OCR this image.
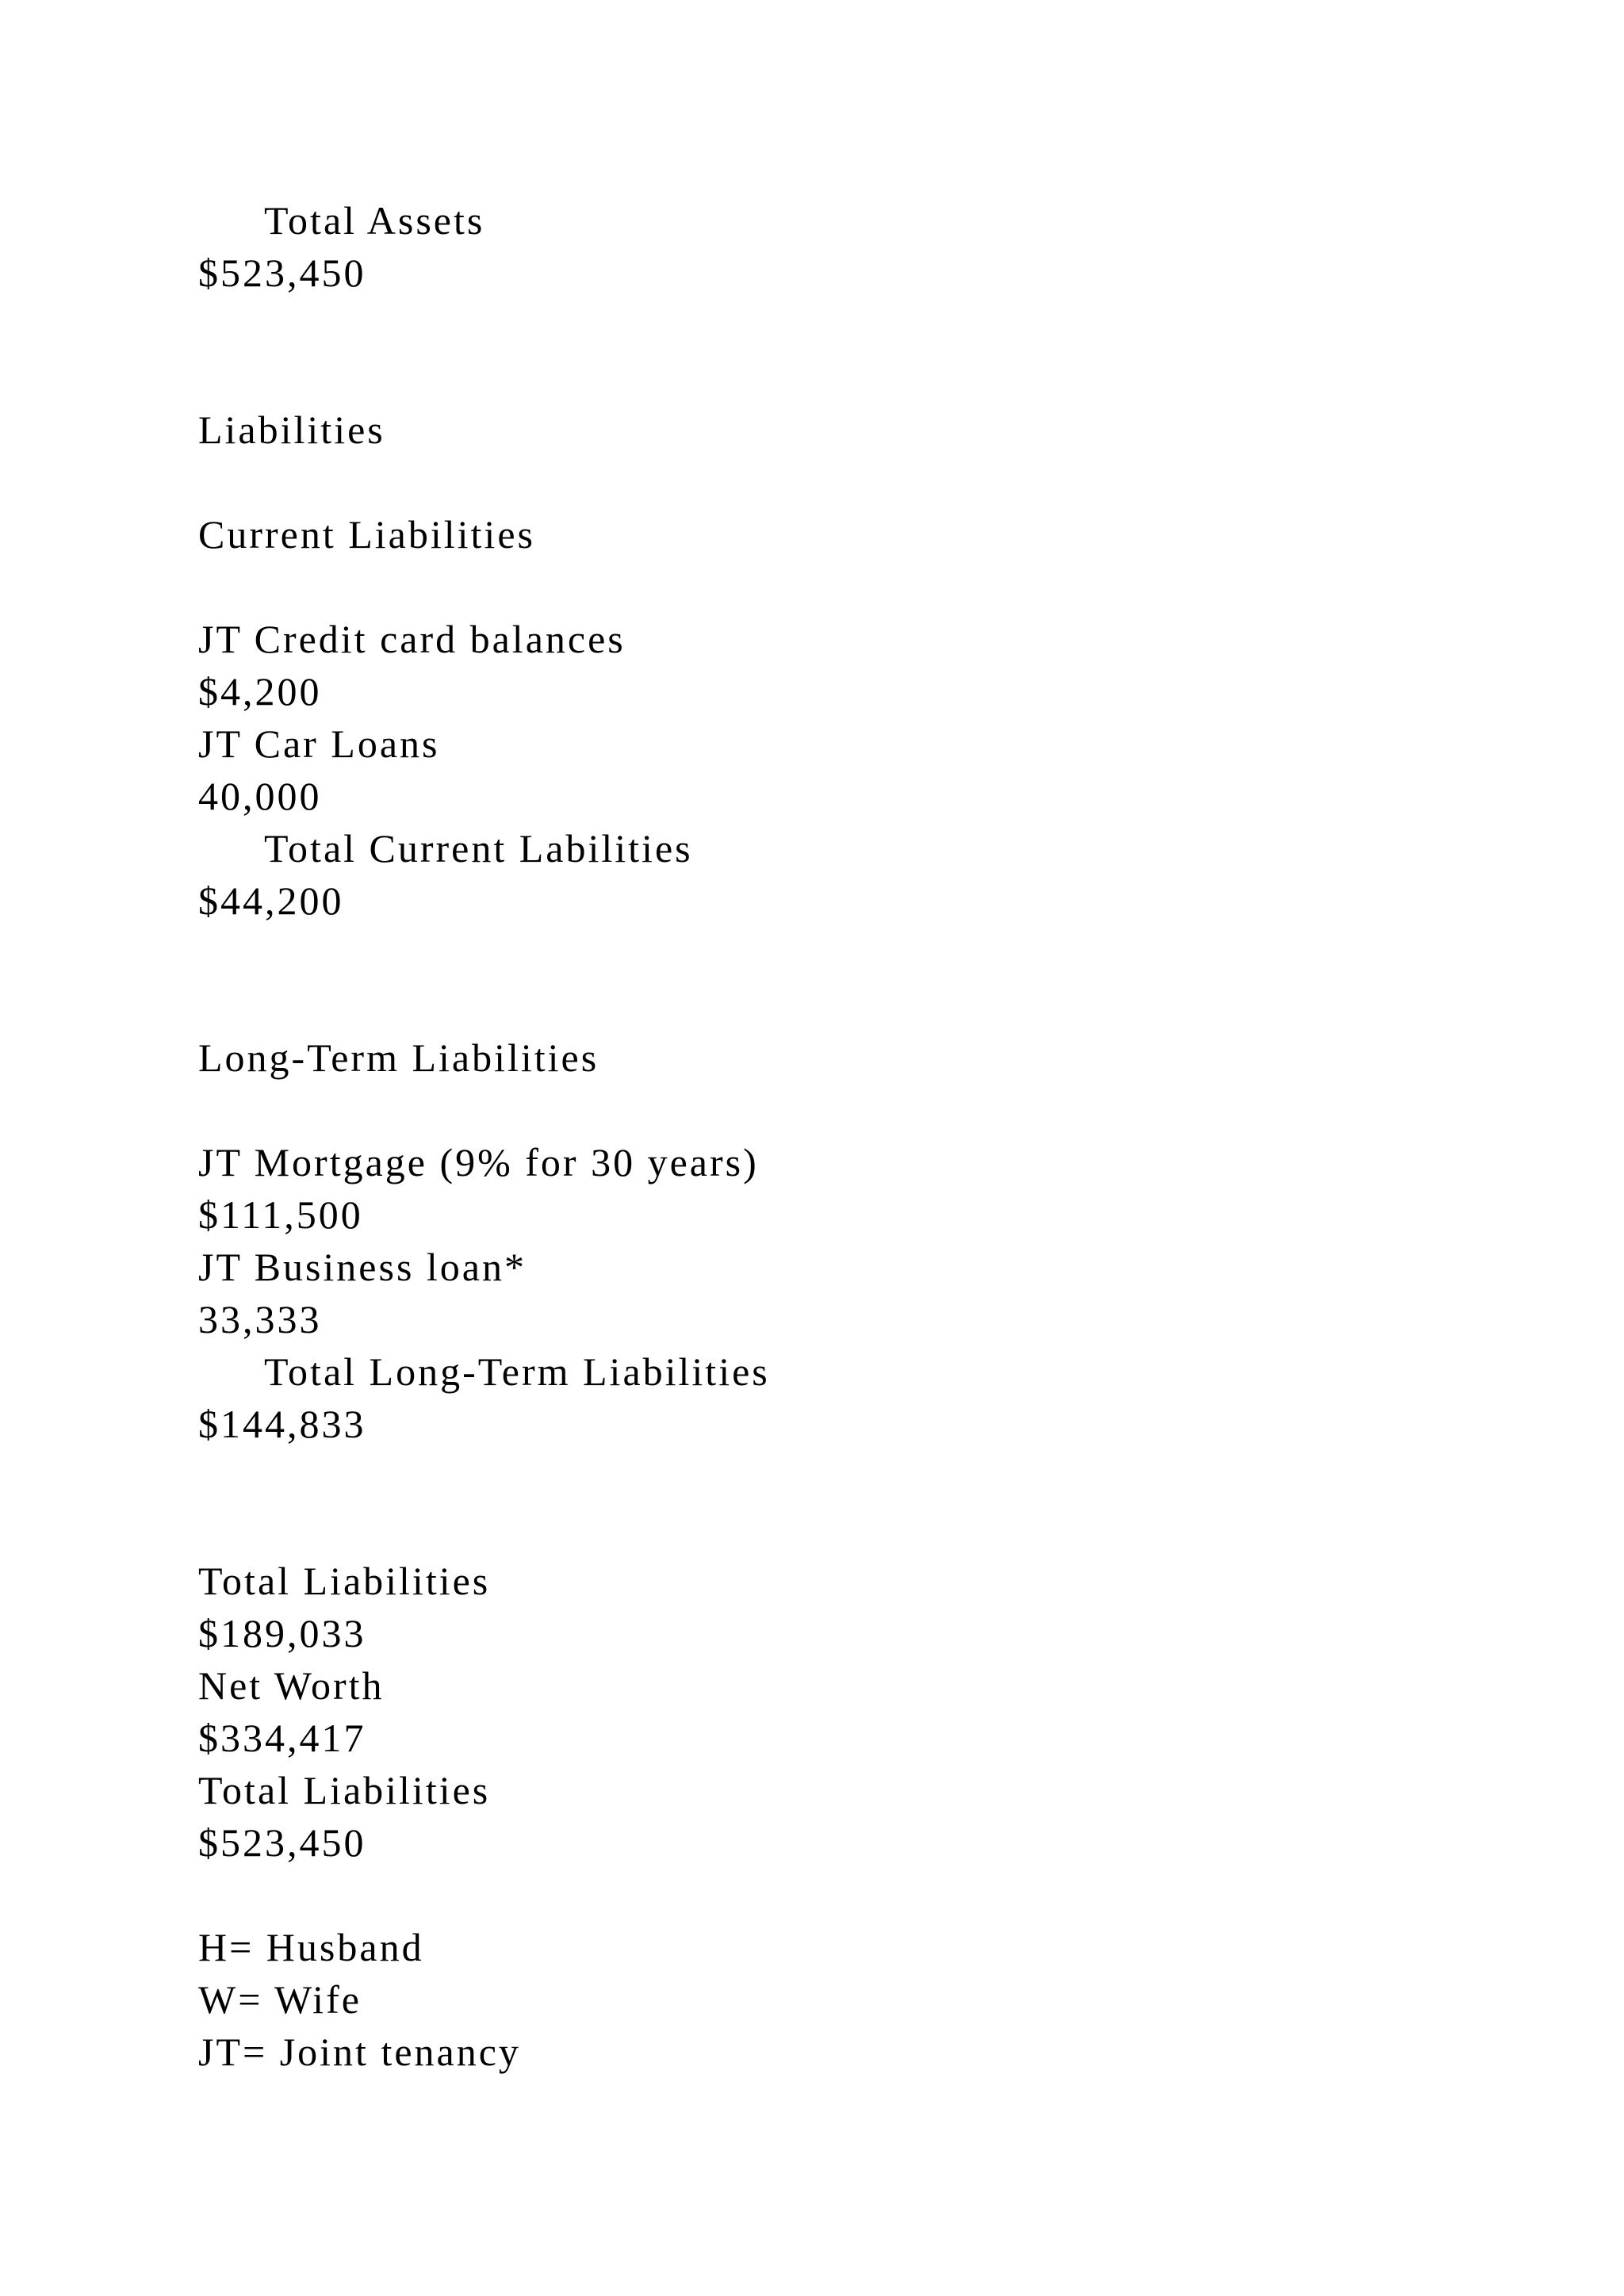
Total Assets
$523,450
Liabilities
Current Liabilities
JT Credit card balances
$4,200
JT Car Loans
40,000
Total Current Labilities
$44,200
Long-Term Liabilities
JT Mortgage (9% for 30 years)
$111,500
JT Business loan*
33,333
Total Long-Term Liabilities
$144,833
Total Liabilities
$189,033
Net Worth
$334,417
Total Liabilities
$523,450
H= Husband
W= Wife
JT= Joint tenancy
